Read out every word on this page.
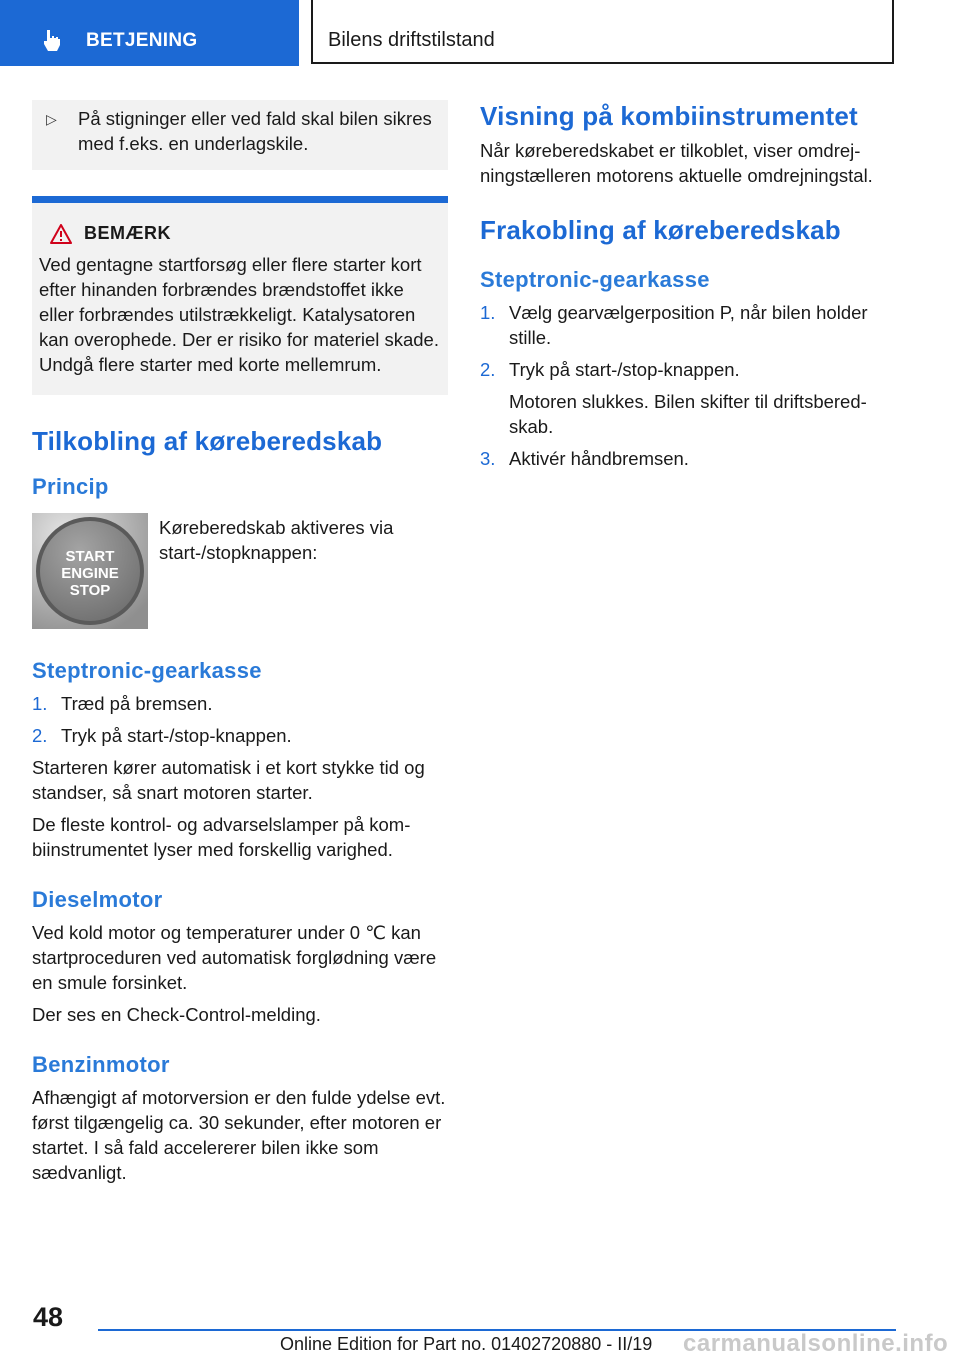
BETJENING	Bilens driftstilstand
▷	På stigninger eller ved fald skal bilen sikres med f.eks. en underlagskile.
BEMÆRK
Ved gentagne startforsøg eller flere starter kort efter hinanden forbrændes brændstoffet ikke eller forbrændes utilstrækkeligt. Katalysatoren kan overophede. Der er risiko for materiel skade. Undgå flere starter med korte mellemrum.
Tilkobling af køreberedskab
Princip
START
ENGINE
STOP

Køreberedskab aktiveres via start-/stopknappen:

Steptronic-gearkasse
1. Træd på bremsen.
2. Tryk på start-/stop-knappen.

Starteren kører automatisk i et kort stykke tid og standser, så snart motoren starter.

De fleste kontrol- og advarselslamper på kombiinstrumentet lyser med forskellig varighed.

Dieselmotor

Ved kold motor og temperaturer under 0 ℃ kan startproceduren ved automatisk forglødning være en smule forsinket.

Der ses en Check-Control-melding.

Benzinmotor

Afhængigt af motorversion er den fulde ydelse evt. først tilgængelig ca. 30 sekunder, efter motoren er startet. I så fald accelererer bilen ikke som sædvanligt.

Visning på kombiinstrumentet

Når køreberedskabet er tilkoblet, viser omdrejningstælleren motorens aktuelle omdrejningstal.

Frakobling af køreberedskab
Steptronic-gearkasse
1. Vælg gearvælgerposition P, når bilen holder stille.
2. Tryk på start-/stop-knappen.

Motoren slukkes. Bilen skifter til driftsberedskab.

3. Aktivér håndbremsen.
48
Online Edition for Part no. 01402720880 - II/19 carmanualsonline.info
